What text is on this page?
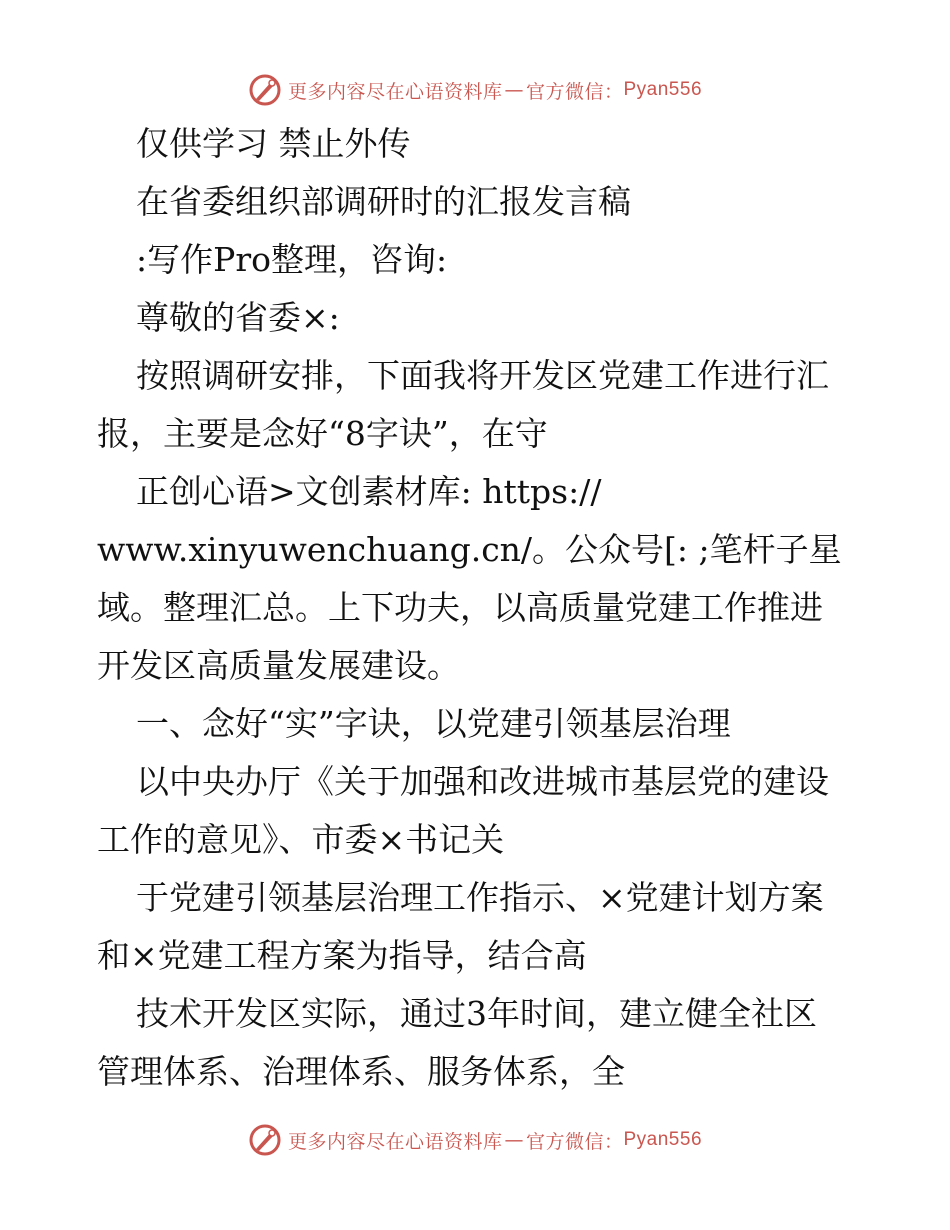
更多内容尽在心语资料库 — 官方微信： Pyan556
仅供学习 禁止外传
在省委组织部调研时的汇报发言稿
:写作Pro整理，咨询:
尊敬的省委×:
按照调研安排，下面我将开发区党建工作进行汇
报，主要是念好“8字诀”，在守
正创心语>文创素材库: https://
www.xinyuwenchuang.cn/。公众号[: ;笔杆子星
域。整理汇总。上下功夫，以高质量党建工作推进
开发区高质量发展建设。
一、念好“实”字诀，以党建引领基层治理
以中央办厅《关于加强和改进城市基层党的建设
工作的意见》、市委×书记关
于党建引领基层治理工作指示、×党建计划方案
和×党建工程方案为指导，结合高
技术开发区实际，通过3年时间，建立健全社区
管理体系、治理体系、服务体系，全
更多内容尽在心语资料库 — 官方微信： Pyan556
